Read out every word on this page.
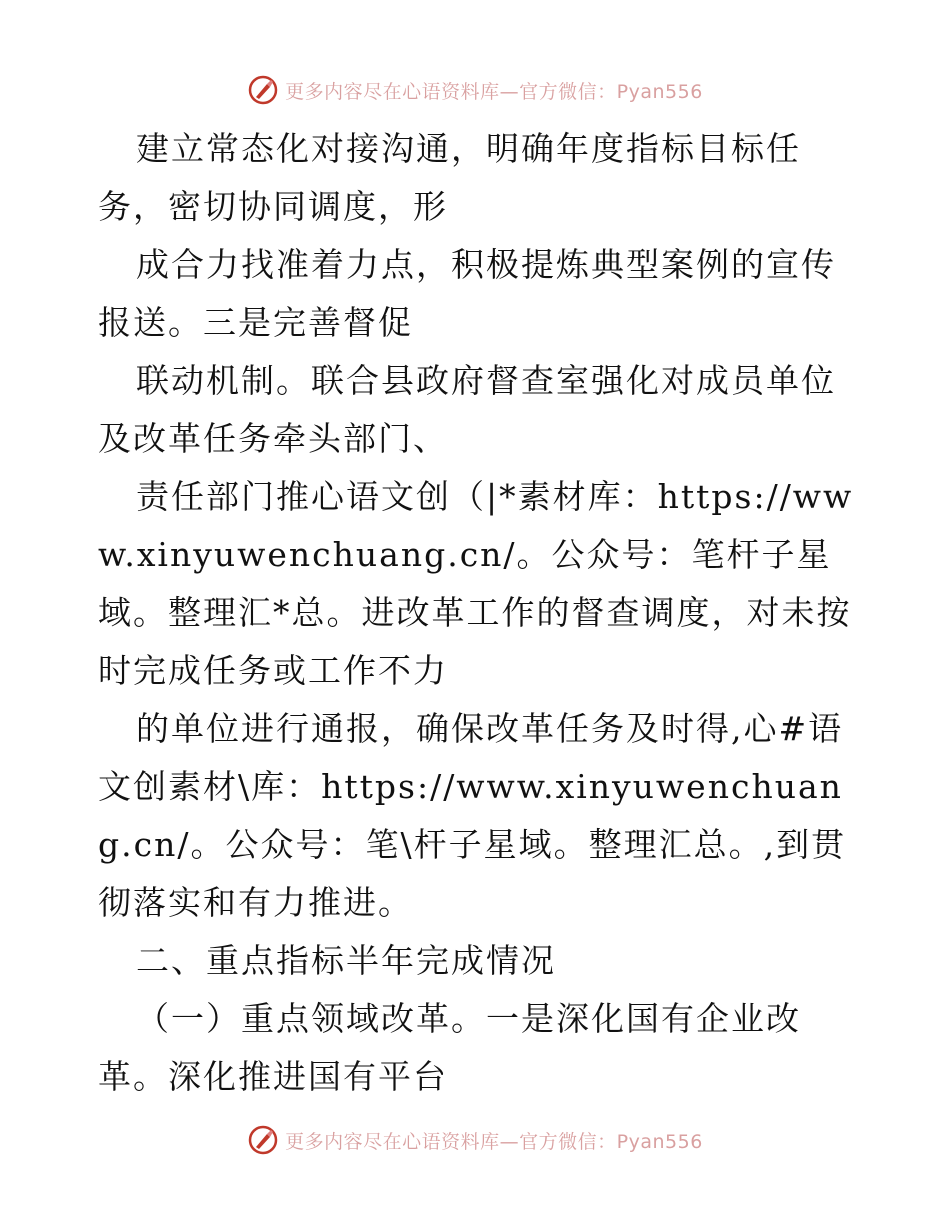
更多内容尽在心语资料库—官方微信：Pyan556

建立常态化对接沟通，明确年度指标目标任务，密切协同调度，形

成合力找准着力点，积极提炼典型案例的宣传报送。三是完善督促

联动机制。联合县政府督查室强化对成员单位及改革任务牵头部门、

责任部门推心语文创（|*素材库：https://www.xinyuwenchuang.cn/。公众号：笔杆子星域。整理汇*总。进改革工作的督查调度，对未按时完成任务或工作不力

的单位进行通报，确保改革任务及时得,心#语文创素材\库：https://www.xinyuwenchuang.cn/。公众号：笔\杆子星域。整理汇总。,到贯彻落实和有力推进。

二、重点指标半年完成情况

（一）重点领域改革。一是深化国有企业改革。深化推进国有平台

更多内容尽在心语资料库—官方微信：Pyan556
